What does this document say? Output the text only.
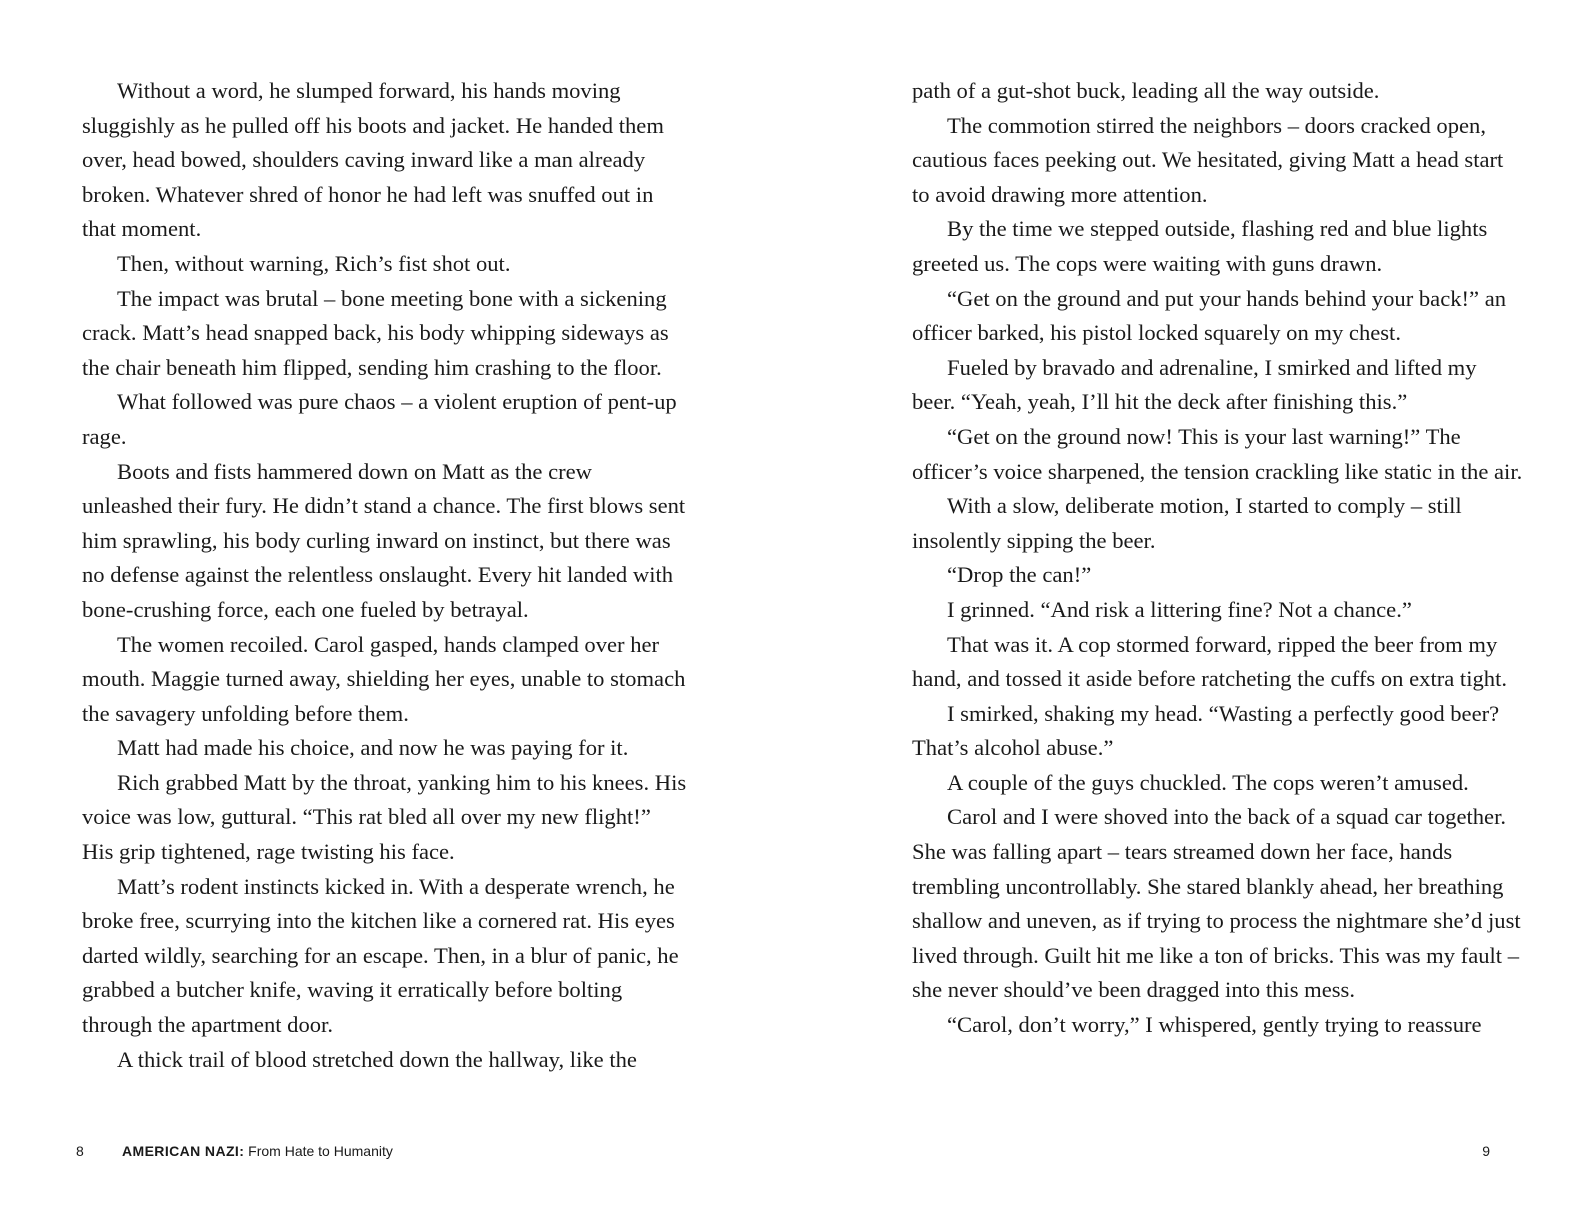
Without a word, he slumped forward, his hands moving sluggishly as he pulled off his boots and jacket. He handed them over, head bowed, shoulders caving inward like a man already broken. Whatever shred of honor he had left was snuffed out in that moment.

Then, without warning, Rich’s fist shot out.

The impact was brutal – bone meeting bone with a sickening crack. Matt’s head snapped back, his body whipping sideways as the chair beneath him flipped, sending him crashing to the floor.

What followed was pure chaos – a violent eruption of pent-up rage.

Boots and fists hammered down on Matt as the crew unleashed their fury. He didn’t stand a chance. The first blows sent him sprawling, his body curling inward on instinct, but there was no defense against the relentless onslaught. Every hit landed with bone-crushing force, each one fueled by betrayal.

The women recoiled. Carol gasped, hands clamped over her mouth. Maggie turned away, shielding her eyes, unable to stomach the savagery unfolding before them.

Matt had made his choice, and now he was paying for it.

Rich grabbed Matt by the throat, yanking him to his knees. His voice was low, guttural. “This rat bled all over my new flight!” His grip tightened, rage twisting his face.

Matt’s rodent instincts kicked in. With a desperate wrench, he broke free, scurrying into the kitchen like a cornered rat. His eyes darted wildly, searching for an escape. Then, in a blur of panic, he grabbed a butcher knife, waving it erratically before bolting through the apartment door.

A thick trail of blood stretched down the hallway, like the

8	AMERICAN NAZI: From Hate to Humanity

path of a gut-shot buck, leading all the way outside.

The commotion stirred the neighbors – doors cracked open, cautious faces peeking out. We hesitated, giving Matt a head start to avoid drawing more attention.

By the time we stepped outside, flashing red and blue lights greeted us. The cops were waiting with guns drawn.

“Get on the ground and put your hands behind your back!” an officer barked, his pistol locked squarely on my chest.

Fueled by bravado and adrenaline, I smirked and lifted my beer. “Yeah, yeah, I’ll hit the deck after finishing this.”

“Get on the ground now! This is your last warning!” The officer’s voice sharpened, the tension crackling like static in the air.

With a slow, deliberate motion, I started to comply – still insolently sipping the beer.

“Drop the can!”

I grinned. “And risk a littering fine? Not a chance.”

That was it. A cop stormed forward, ripped the beer from my hand, and tossed it aside before ratcheting the cuffs on extra tight.

I smirked, shaking my head. “Wasting a perfectly good beer? That’s alcohol abuse.”

A couple of the guys chuckled. The cops weren’t amused.

Carol and I were shoved into the back of a squad car together. She was falling apart – tears streamed down her face, hands trembling uncontrollably. She stared blankly ahead, her breathing shallow and uneven, as if trying to process the nightmare she’d just lived through. Guilt hit me like a ton of bricks. This was my fault – she never should’ve been dragged into this mess.

“Carol, don’t worry,” I whispered, gently trying to reassure

9
